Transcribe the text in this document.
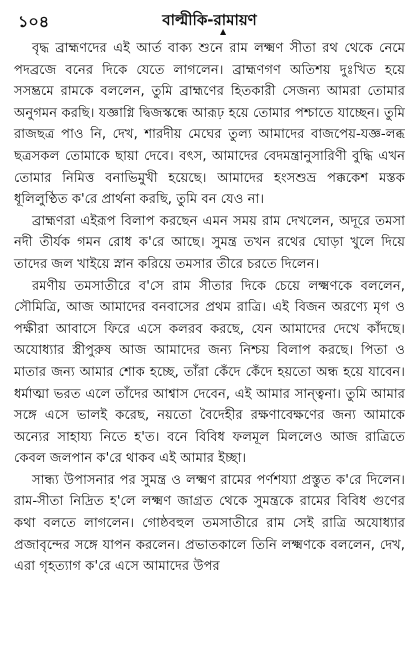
১০৪	বাল্মীকি-রামায়ণ
▲

বৃদ্ধ ব্রাহ্মণদের এই আর্ত বাক্য শুনে রাম লক্ষ্মণ সীতা রথ থেকে নেমে পদব্রজে বনের দিকে যেতে লাগলেন। ব্রাহ্মণগণ অতিশয় দুঃখিত হয়ে সসম্ভ্রমে রামকে বললেন, তুমি ব্রাহ্মণের হিতকারী সেজন্য আমরা তোমার অনুগমন করছি। যজ্ঞাগ্নি দ্বিজস্কন্ধে আরূঢ় হয়ে তোমার পশ্চাতে যাচ্ছেন। তুমি রাজছত্র পাও নি, দেখ, শারদীয় মেঘের তুল্য আমাদের বাজপেয়-যজ্ঞ-লব্ধ ছত্রসকল তোমাকে ছায়া দেবে। বৎস, আমাদের বেদমন্ত্রানুসারিণী বুদ্ধি এখন তোমার নিমিত্ত বনাভিমুখী হয়েছে। আমাদের হংসশুভ্র পক্ককেশ মস্তক ধূলিলুণ্ঠিত ক'রে প্রার্থনা করছি, তুমি বন যেও না।

ব্রাহ্মণরা এইরূপ বিলাপ করছেন এমন সময় রাম দেখলেন, অদূরে তমসা নদী তীর্যক গমন রোধ ক'রে আছে। সুমন্ত্র তখন রথের ঘোড়া খুলে দিয়ে তাদের জল খাইয়ে স্নান করিয়ে তমসার তীরে চরতে দিলেন।

রমণীয় তমসাতীরে ব'সে রাম সীতার দিকে চেয়ে লক্ষ্মণকে বললেন, সৌমিত্রি, আজ আমাদের বনবাসের প্রথম রাত্রি। এই বিজন অরণ্যে মৃগ ও পক্ষীরা আবাসে ফিরে এসে কলরব করছে, যেন আমাদের দেখে কাঁদছে। অযোধ্যার স্ত্রীপুরুষ আজ আমাদের জন্য নিশ্চয় বিলাপ করছে। পিতা ও মাতার জন্য আমার শোক হচ্ছে, তাঁরা কেঁদে কেঁদে হয়তো অন্ধ হয়ে যাবেন। ধর্মাত্মা ভরত এলে তাঁদের আশ্বাস দেবেন, এই আমার সান্ত্বনা। তুমি আমার সঙ্গে এসে ভালই করেছ, নয়তো বৈদেহীর রক্ষণাবেক্ষণের জন্য আমাকে অন্যের সাহায্য নিতে হ'ত। বনে বিবিধ ফলমূল মিললেও আজ রাত্রিতে কেবল জলপান ক'রে থাকব এই আমার ইচ্ছা।

সান্ধ্য উপাসনার পর সুমন্ত্র ও লক্ষ্মণ রামের পর্ণশয্যা প্রস্তুত ক'রে দিলেন। রাম-সীতা নিদ্রিত হ'লে লক্ষ্মণ জাগ্রত থেকে সুমন্ত্রকে রামের বিবিধ গুণের কথা বলতে লাগলেন। গোষ্ঠবহুল তমসাতীরে রাম সেই রাত্রি অযোধ্যার প্রজাবৃন্দের সঙ্গে যাপন করলেন। প্রভাতকালে তিনি লক্ষ্মণকে বললেন, দেখ, এরা গৃহত্যাগ ক'রে এসে আমাদের উপর
